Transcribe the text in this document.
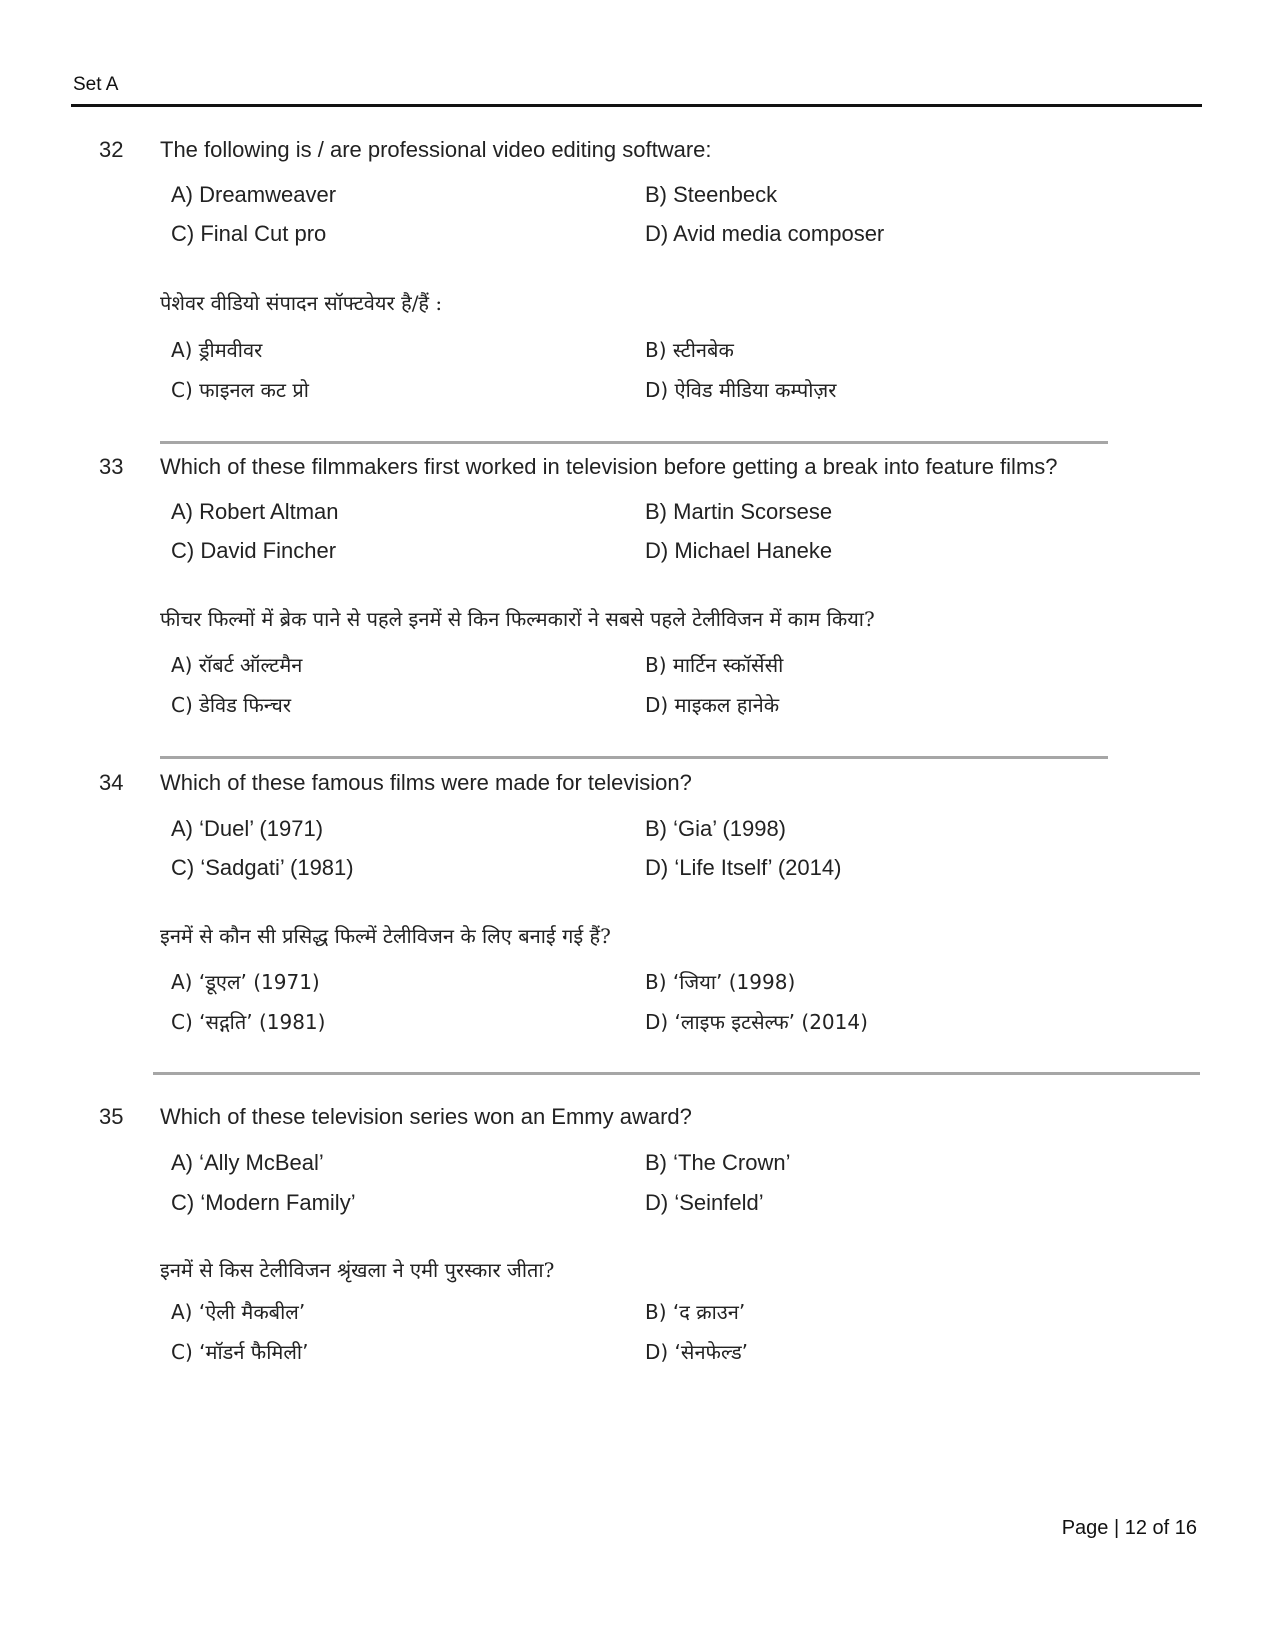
Set A
32 The following is / are professional video editing software:
A) Dreamweaver	B) Steenbeck
C) Final Cut pro	D) Avid media composer
पेशेवर वीडियो संपादन सॉफ्टवेयर है/हैं :
A) ड्रीमवीवर	B) स्टीनबेक
C) फाइनल कट प्रो	D) ऐविड मीडिया कम्पोज़र
33 Which of these filmmakers first worked in television before getting a break into feature films?
A) Robert Altman	B) Martin Scorsese
C) David Fincher	D) Michael Haneke
फीचर फिल्मों में ब्रेक पाने से पहले इनमें से किन फिल्मकारों ने सबसे पहले टेलीविजन में काम किया?
A) रॉबर्ट ऑल्टमैन	B) मार्टिन स्कॉर्सेसी
C) डेविड फिन्चर	D) माइकल हानेके
34 Which of these famous films were made for television?
A) ‘Duel’ (1971)	B) ‘Gia’ (1998)
C) ‘Sadgati’ (1981)	D) ‘Life Itself’ (2014)
इनमें से कौन सी प्रसिद्ध फिल्में टेलीविजन के लिए बनाई गई हैं?
A) ‘डूएल’ (1971)	B) ‘जिया’ (1998)
C) ‘सद्गति’ (1981)	D) ‘लाइफ इटसेल्फ’ (2014)
35 Which of these television series won an Emmy award?
A) ‘Ally McBeal’	B) ‘The Crown’
C) ‘Modern Family’	D) ‘Seinfeld’
इनमें से किस टेलीविजन श्रृंखला ने एमी पुरस्कार जीता?
A) ‘ऐली मैकबील’	B) ‘द क्राउन’
C) ‘मॉडर्न फैमिली’	D) ‘सेनफेल्ड’
Page | 12 of 16
